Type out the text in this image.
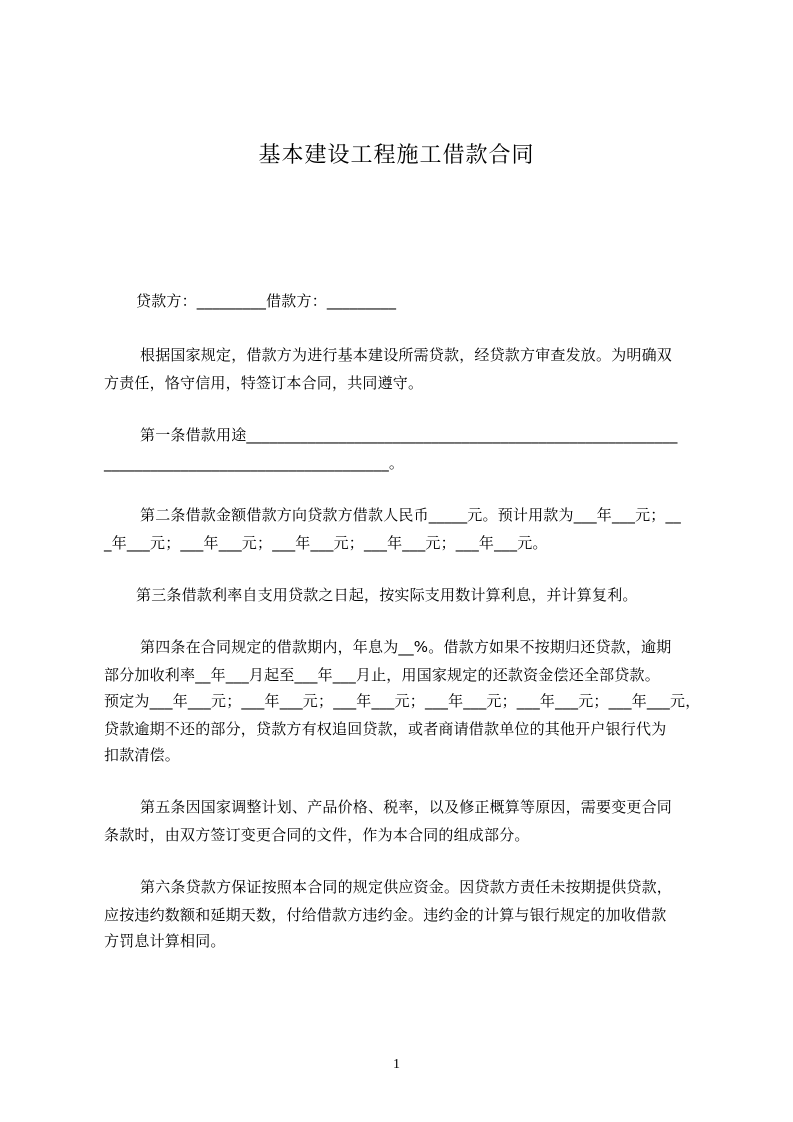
基本建设工程施工借款合同
贷款方：_________借款方：_________
根据国家规定，借款方为进行基本建设所需贷款，经贷款方审查发放。为明确双
方责任，恪守信用，特签订本合同，共同遵守。
第一条借款用途________________________________________________________
_____________________________________。
第二条借款金额借款方向贷款方借款人民币_____元。预计用款为___年___元；__
_年___元；___年___元；___年___元；___年___元；___年___元。
第三条借款利率自支用贷款之日起，按实际支用数计算利息，并计算复利。
第四条在合同规定的借款期内，年息为__%。借款方如果不按期归还贷款，逾期
部分加收利率__年___月起至___年___月止，用国家规定的还款资金偿还全部贷款。
预定为___年___元；___年___元；___年___元；___年___元；___年___元；___年___元，
贷款逾期不还的部分，贷款方有权追回贷款，或者商请借款单位的其他开户银行代为
扣款清偿。
第五条因国家调整计划、产品价格、税率，以及修正概算等原因，需要变更合同
条款时，由双方签订变更合同的文件，作为本合同的组成部分。
第六条贷款方保证按照本合同的规定供应资金。因贷款方责任未按期提供贷款，
应按违约数额和延期天数，付给借款方违约金。违约金的计算与银行规定的加收借款
方罚息计算相同。
1
